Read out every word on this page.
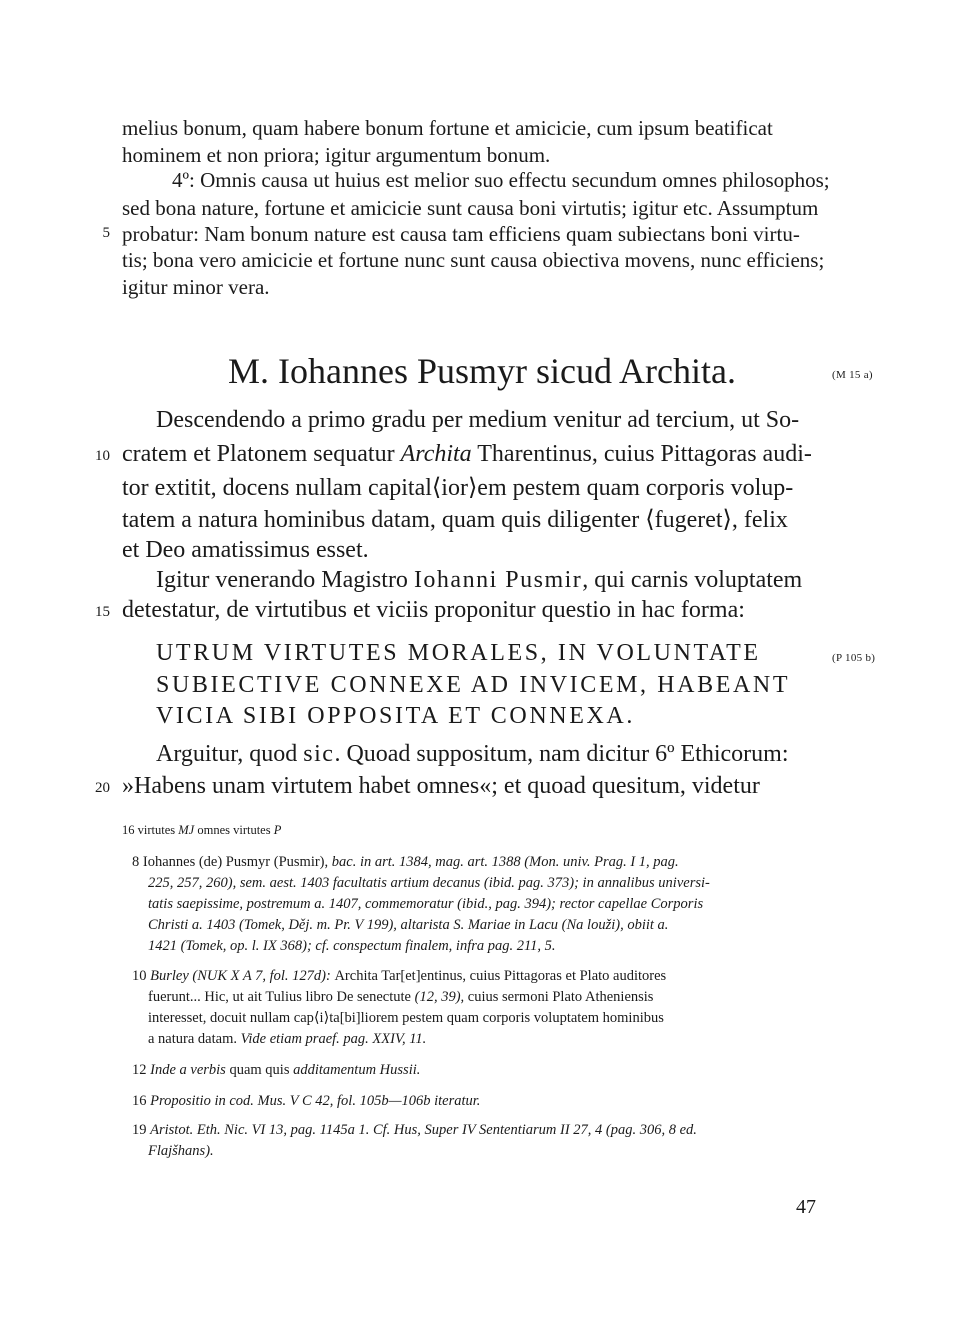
melius bonum, quam habere bonum fortune et amicicie, cum ipsum beatificat
hominem et non priora; igitur argumentum bonum.
4º: Omnis causa ut huius est melior suo effectu secundum omnes philosophos;
sed bona nature, fortune et amicicie sunt causa boni virtutis; igitur etc. Assumptum
5 probatur: Nam bonum nature est causa tam efficiens quam subiectans boni virtu-
tis; bona vero amicicie et fortune nunc sunt causa obiectiva movens, nunc efficiens;
igitur minor vera.
M. Iohannes Pusmyr sicud Archita.	(M 15 a)
Descendendo a primo gradu per medium venitur ad tercium, ut So-
10 cratem et Platonem sequatur Archita Tharentinus, cuius Pittagoras audi-
tor extitit, docens nullam capital⟨ior⟩em pestem quam corporis volup-
tatem a natura hominibus datam, quam quis diligenter ⟨fugeret⟩, felix
et Deo amatissimus esset.
Igitur venerando Magistro Iohanni Pusmir, qui carnis voluptatem
15 detestatur, de virtutibus et viciis proponitur questio in hac forma:
UTRUM VIRTUTES MORALES, IN VOLUNTATE	(P 105 b)
SUBIECTIVE CONNEXE AD INVICEM, HABEANT
VICIA SIBI OPPOSITA ET CONNEXA.
Arguitur, quod sic. Quoad suppositum, nam dicitur 6º Ethicorum:
20 »Habens unam virtutem habet omnes«; et quoad quesitum, videtur
16 virtutes MJ omnes virtutes P
8 Iohannes (de) Pusmyr (Pusmir), bac. in art. 1384, mag. art. 1388 (Mon. univ. Prag. I 1, pag.
225, 257, 260), sem. aest. 1403 facultatis artium decanus (ibid. pag. 373); in annalibus universi-
tatis saepissime, postremum a. 1407, commemoratur (ibid., pag. 394); rector capellae Corporis
Christi a. 1403 (Tomek, Děj. m. Pr. V 199), altarista S. Mariae in Lacu (Na louži), obiit a.
1421 (Tomek, op. l. IX 368); cf. conspectum finalem, infra pag. 211, 5.
10 Burley (NUK X A 7, fol. 127d): Archita Tar[et]entinus, cuius Pittagoras et Plato auditores
fuerunt... Hic, ut ait Tulius libro De senectute (12, 39), cuius sermoni Plato Atheniensis
interesset, docuit nullam cap⟨i⟩ta[bi]liorem pestem quam corporis voluptatem hominibus
a natura datam. Vide etiam praef. pag. XXIV, 11.
12 Inde a verbis quam quis additamentum Hussii.
16 Propositio in cod. Mus. V C 42, fol. 105b—106b iteratur.
19 Aristot. Eth. Nic. VI 13, pag. 1145a 1. Cf. Hus, Super IV Sententiarum II 27, 4 (pag. 306, 8 ed.
Flajšhans).
47
